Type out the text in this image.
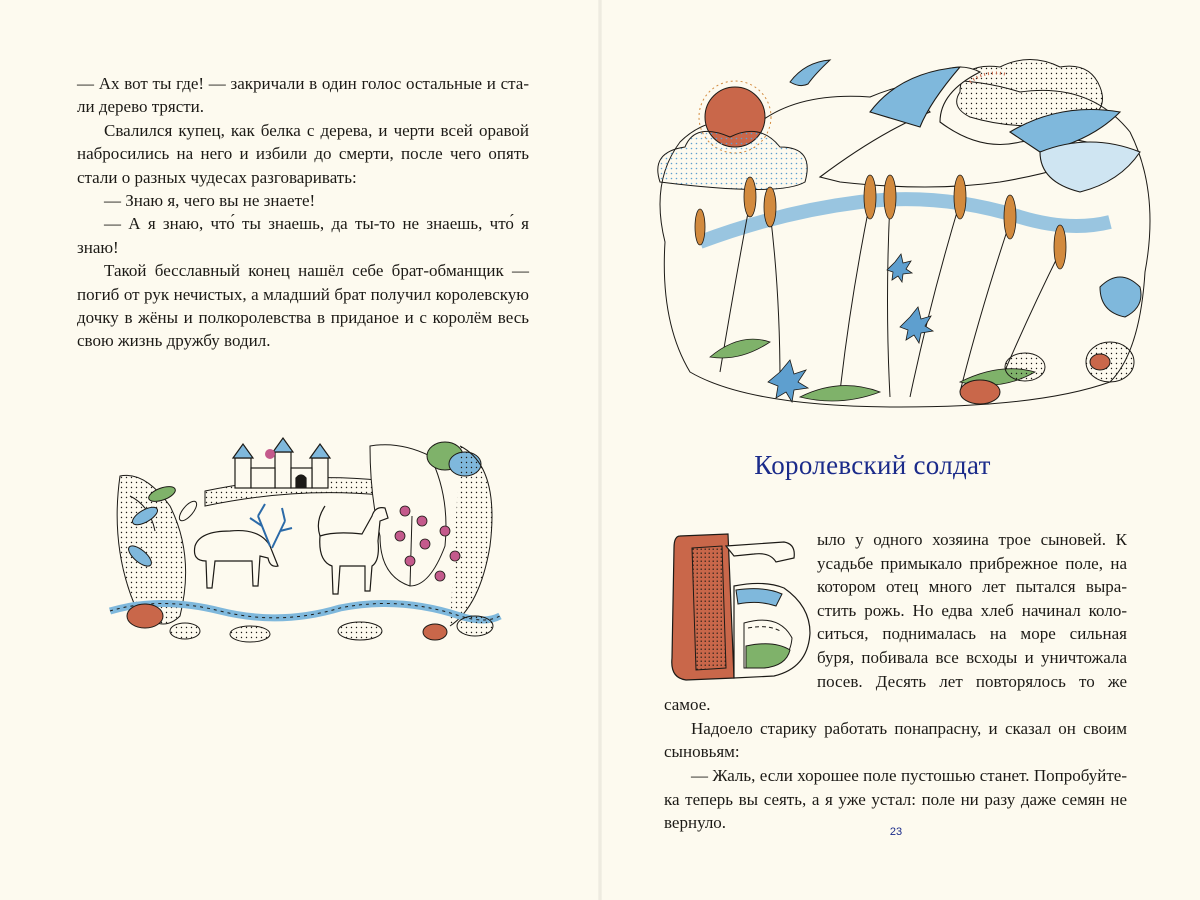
— Ах вот ты где! — закричали в один голос остальные и стали дерево трясти.

Свалился купец, как белка с дерева, и черти всей оравой набросились на него и избили до смерти, после чего опять стали о разных чудесах разговаривать:

— Знаю я, чего вы не знаете!

— А я знаю, что́ ты знаешь, да ты-то не знаешь, что́ я знаю!

Такой бесславный конец нашёл себе брат-обманщик — погиб от рук нечистых, а младший брат получил королевскую дочку в жёны и полкоролевства в приданое и с королём весь свою жизнь дружбу водил.

Королевский солдат

ыло у одного хозяина трое сыновей. К усадьбе примыкало прибрежное поле, на котором отец много лет пытался вырастить рожь. Но едва хлеб начинал колоситься, поднималась на море сильная буря, побивала все всходы и уничтожала посев. Десять лет повторялось то же самое.

Надоело старику работать понапрасну, и сказал он своим сыновьям:

— Жаль, если хорошее поле пустошью станет. Попробуйте-ка теперь вы сеять, а я уже устал: поле ни разу даже семян не вернуло.	23
